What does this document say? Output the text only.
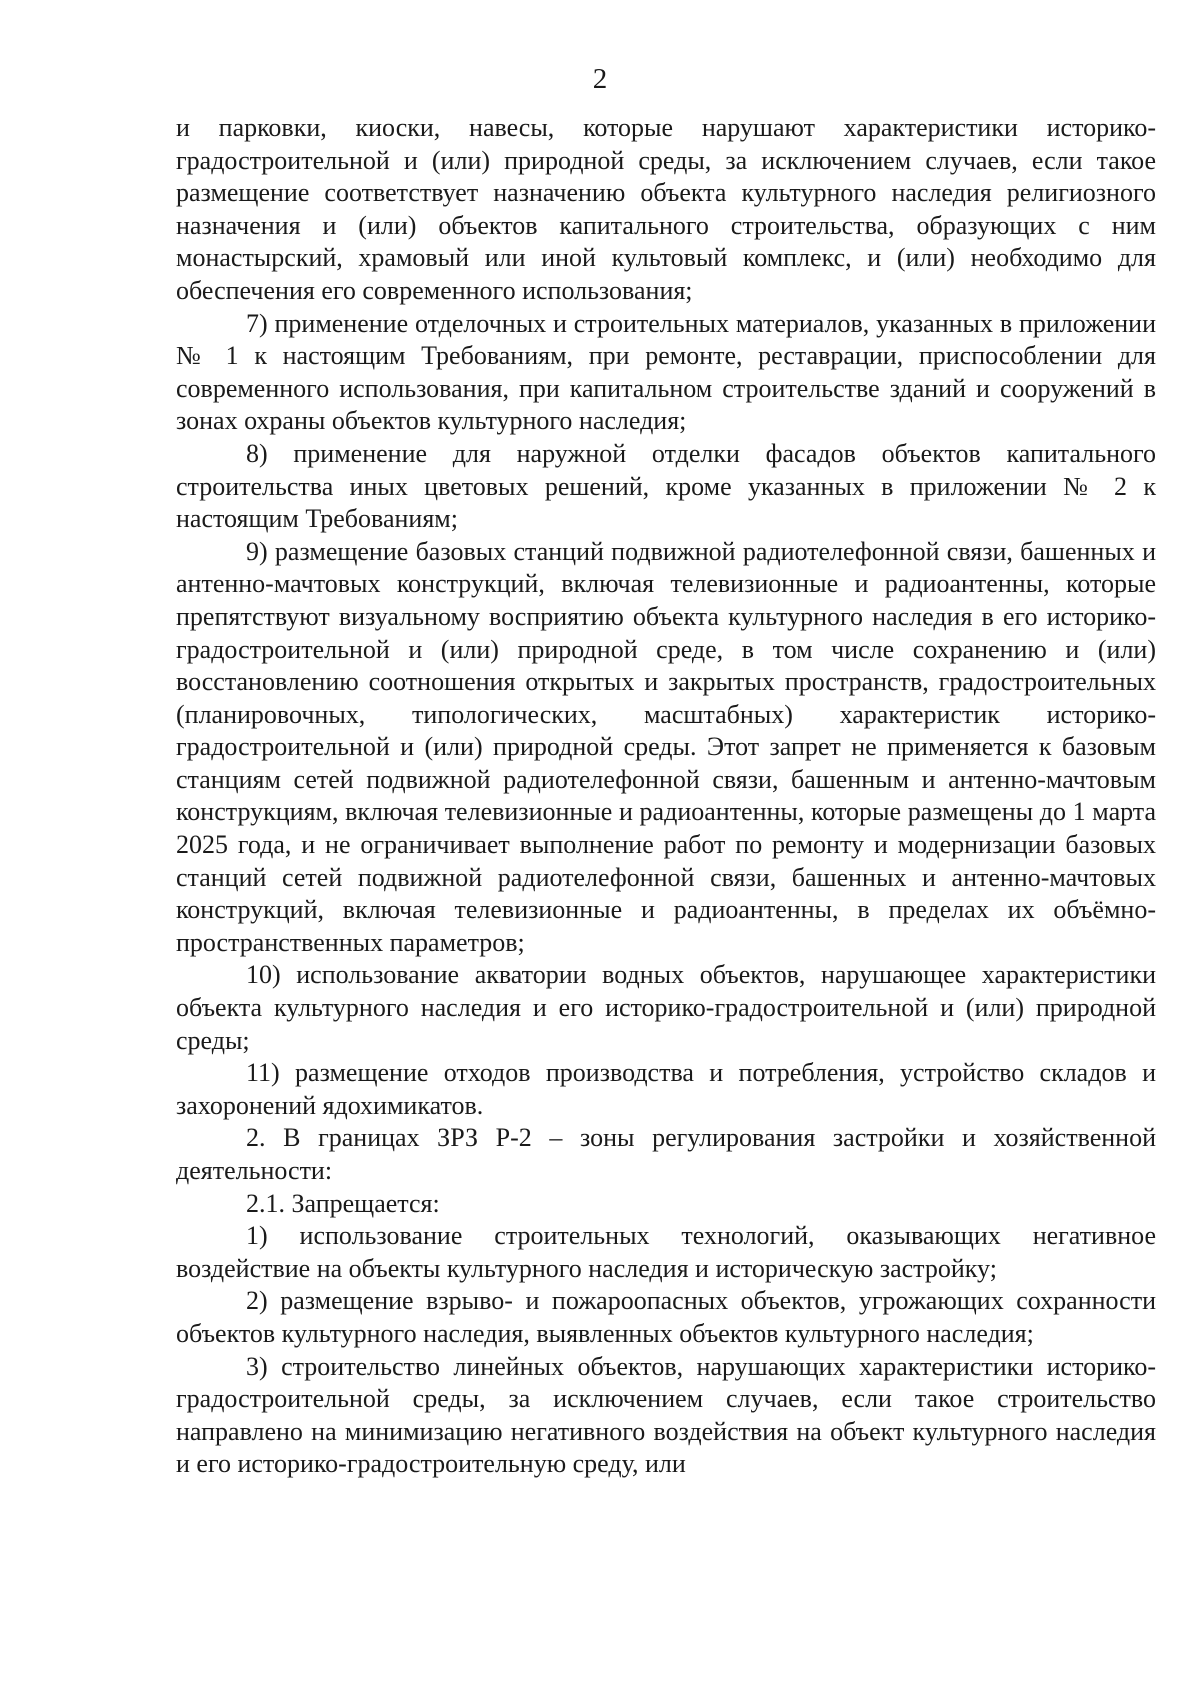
2

и парковки, киоски, навесы, которые нарушают характеристики историко-градостроительной и (или) природной среды, за исключением случаев, если такое размещение соответствует назначению объекта культурного наследия религиозного назначения и (или) объектов капитального строительства, образующих с ним монастырский, храмовый или иной культовый комплекс, и (или) необходимо для обеспечения его современного использования;

7) применение отделочных и строительных материалов, указанных в приложении № 1 к настоящим Требованиям, при ремонте, реставрации, приспособлении для современного использования, при капитальном строительстве зданий и сооружений в зонах охраны объектов культурного наследия;

8) применение для наружной отделки фасадов объектов капитального строительства иных цветовых решений, кроме указанных в приложении № 2 к настоящим Требованиям;

9) размещение базовых станций подвижной радиотелефонной связи, башенных и антенно-мачтовых конструкций, включая телевизионные и радиоантенны, которые препятствуют визуальному восприятию объекта культурного наследия в его историко-градостроительной и (или) природной среде, в том числе сохранению и (или) восстановлению соотношения открытых и закрытых пространств, градостроительных (планировочных, типологических, масштабных) характеристик историко-градостроительной и (или) природной среды. Этот запрет не применяется к базовым станциям сетей подвижной радиотелефонной связи, башенным и антенно-мачтовым конструкциям, включая телевизионные и радиоантенны, которые размещены до 1 марта 2025 года, и не ограничивает выполнение работ по ремонту и модернизации базовых станций сетей подвижной радиотелефонной связи, башенных и антенно-мачтовых конструкций, включая телевизионные и радиоантенны, в пределах их объёмно-пространственных параметров;

10) использование акватории водных объектов, нарушающее характеристики объекта культурного наследия и его историко-градостроительной и (или) природной среды;

11) размещение отходов производства и потребления, устройство складов и захоронений ядохимикатов.

2. В границах ЗРЗ Р-2 – зоны регулирования застройки и хозяйственной деятельности:

2.1. Запрещается:

1) использование строительных технологий, оказывающих негативное воздействие на объекты культурного наследия и историческую застройку;

2) размещение взрыво- и пожароопасных объектов, угрожающих сохранности объектов культурного наследия, выявленных объектов культурного наследия;

3) строительство линейных объектов, нарушающих характеристики историко-градостроительной среды, за исключением случаев, если такое строительство направлено на минимизацию негативного воздействия на объект культурного наследия и его историко-градостроительную среду, или
